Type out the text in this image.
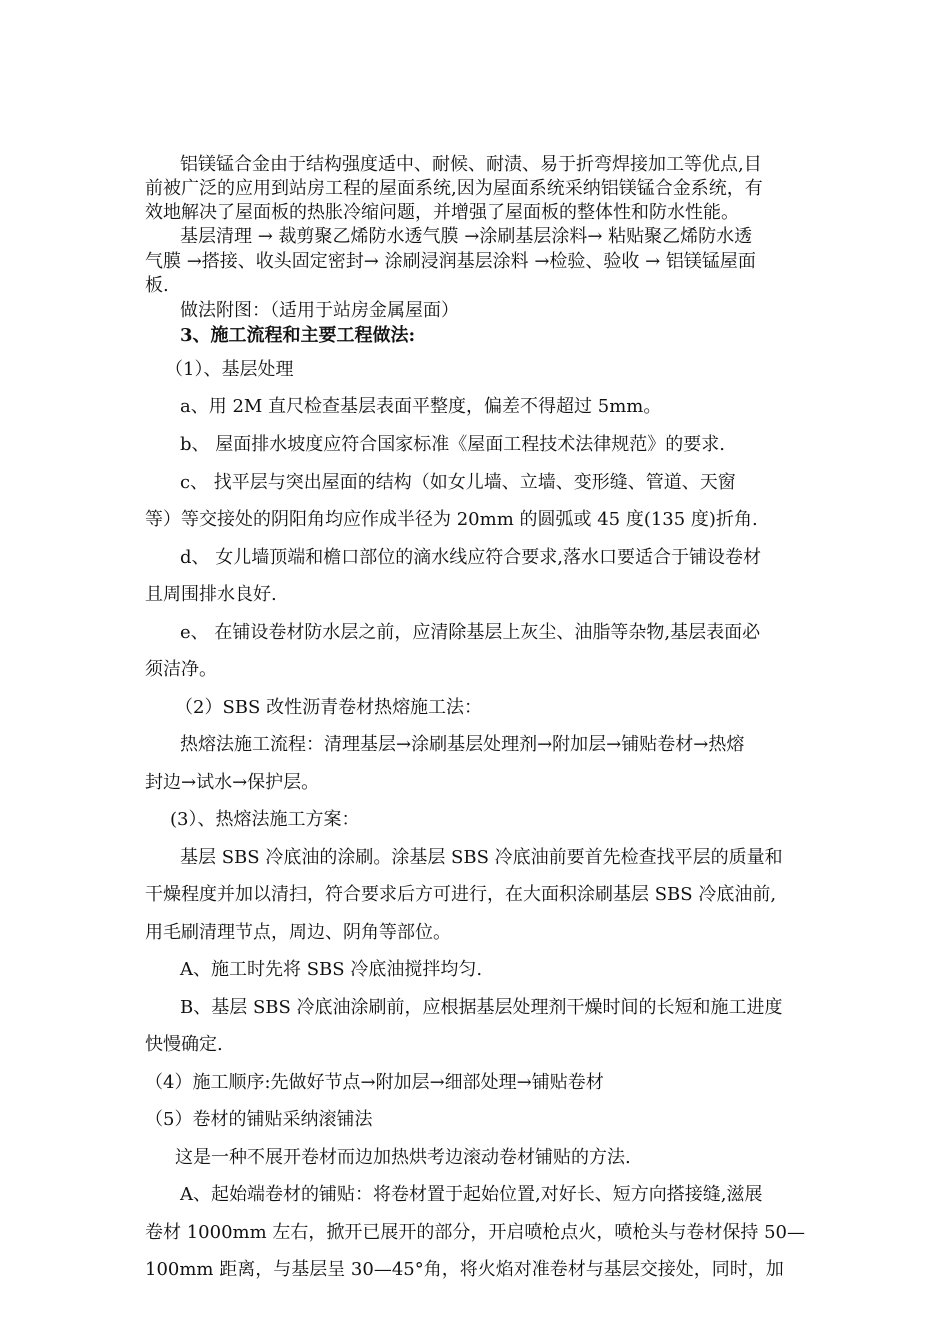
铝镁锰合金由于结构强度适中、耐候、耐渍、易于折弯焊接加工等优点,目
前被广泛的应用到站房工程的屋面系统,因为屋面系统采纳铝镁锰合金系统，有
效地解决了屋面板的热胀冷缩问题，并增强了屋面板的整体性和防水性能。
基层清理 → 裁剪聚乙烯防水透气膜 →涂刷基层涂料→ 粘贴聚乙烯防水透
气膜 →搭接、收头固定密封→ 涂刷浸润基层涂料 →检验、验收 → 铝镁锰屋面
板.
做法附图：（适用于站房金属屋面）
3、施工流程和主要工程做法:
（1）、基层处理
a、用 2M 直尺检查基层表面平整度，偏差不得超过 5mm。
b、 屋面排水坡度应符合国家标准《屋面工程技术法律规范》的要求.
c、 找平层与突出屋面的结构（如女儿墙、立墙、变形缝、管道、天窗
等）等交接处的阴阳角均应作成半径为 20mm 的圆弧或 45 度(135 度)折角.
d、 女儿墙顶端和檐口部位的滴水线应符合要求,落水口要适合于铺设卷材
且周围排水良好.
e、 在铺设卷材防水层之前，应清除基层上灰尘、油脂等杂物,基层表面必
须洁净。
（2）SBS 改性沥青卷材热熔施工法：
热熔法施工流程：清理基层→涂刷基层处理剂→附加层→铺贴卷材→热熔
封边→试水→保护层。
(3）、热熔法施工方案：
基层 SBS 冷底油的涂刷。涂基层 SBS 冷底油前要首先检查找平层的质量和
干燥程度并加以清扫，符合要求后方可进行，在大面积涂刷基层 SBS 冷底油前,
用毛刷清理节点，周边、阴角等部位。
A、施工时先将 SBS 冷底油搅拌均匀.
B、基层 SBS 冷底油涂刷前，应根据基层处理剂干燥时间的长短和施工进度
快慢确定.
（4）施工顺序:先做好节点→附加层→细部处理→铺贴卷材
（5）卷材的铺贴采纳滚铺法
这是一种不展开卷材而边加热烘考边滚动卷材铺贴的方法.
A、起始端卷材的铺贴：将卷材置于起始位置,对好长、短方向搭接缝,滋展
卷材 1000mm 左右，掀开已展开的部分，开启喷枪点火，喷枪头与卷材保持 50—
100mm 距离，与基层呈 30—45°角，将火焰对准卷材与基层交接处，同时，加
